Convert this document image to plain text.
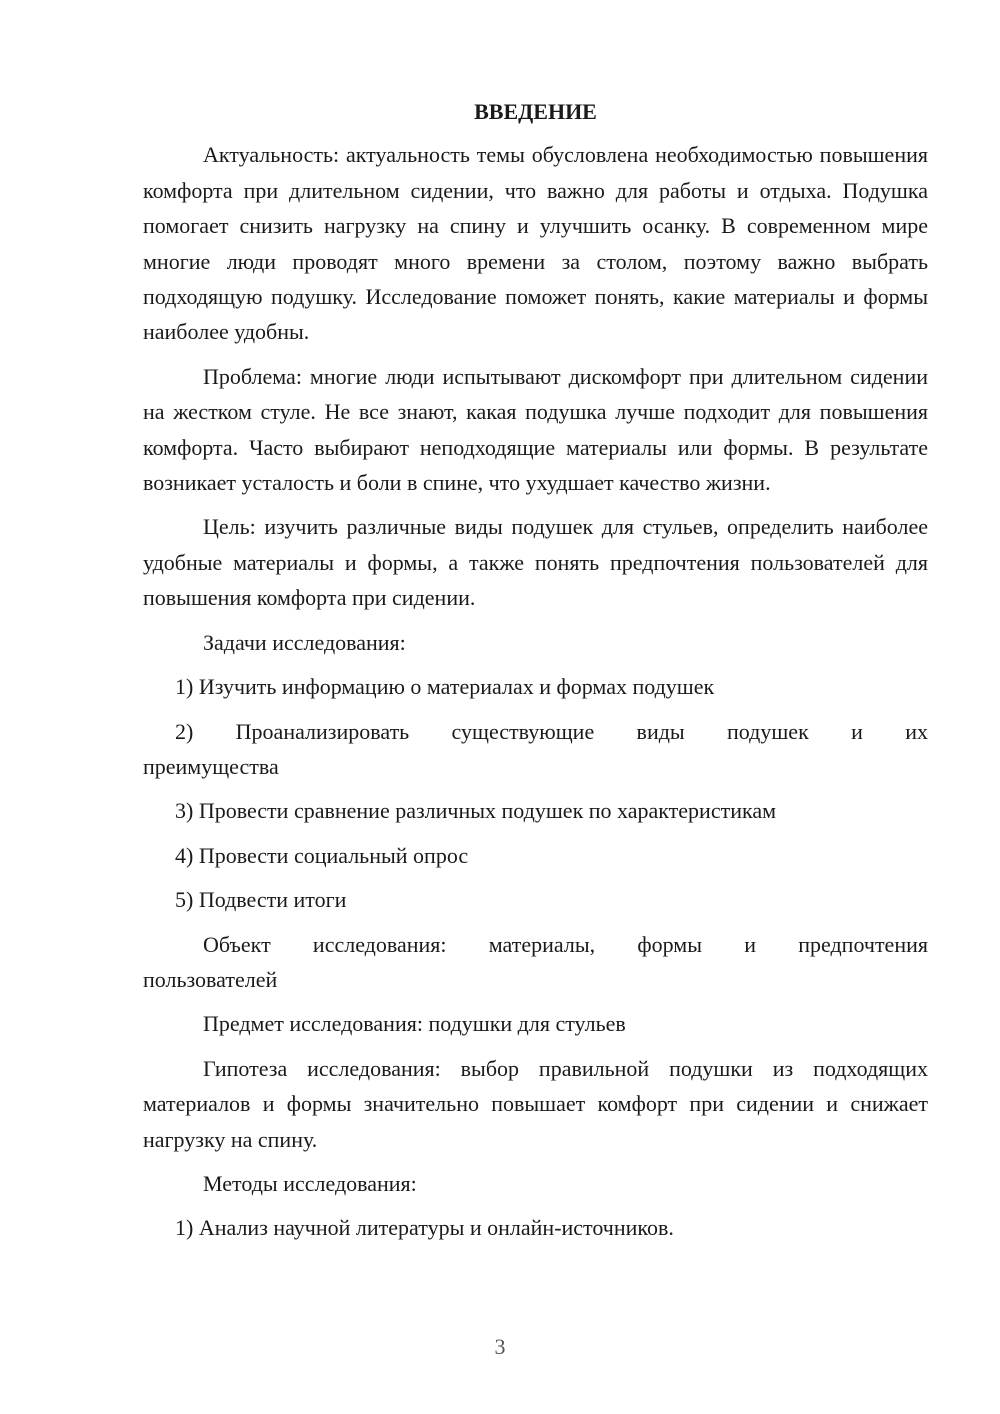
ВВЕДЕНИЕ

Актуальность: актуальность темы обусловлена необходимостью повышения комфорта при длительном сидении, что важно для работы и отдыха. Подушка помогает снизить нагрузку на спину и улучшить осанку. В современном мире многие люди проводят много времени за столом, поэтому важно выбрать подходящую подушку. Исследование поможет понять, какие материалы и формы наиболее удобны.

Проблема: многие люди испытывают дискомфорт при длительном сидении на жестком стуле. Не все знают, какая подушка лучше подходит для повышения комфорта. Часто выбирают неподходящие материалы или формы. В результате возникает усталость и боли в спине, что ухудшает качество жизни.

Цель: изучить различные виды подушек для стульев, определить наиболее удобные материалы и формы, а также понять предпочтения пользователей для повышения комфорта при сидении.

Задачи исследования:

1) Изучить информацию о материалах и формах подушек

2) Проанализировать существующие виды подушек и их

преимущества

3) Провести сравнение различных подушек по характеристикам

4) Провести социальный опрос

5) Подвести итоги

Объект исследования: материалы, формы и предпочтения

пользователей

Предмет исследования: подушки для стульев

Гипотеза исследования: выбор правильной подушки из подходящих материалов и формы значительно повышает комфорт при сидении и снижает нагрузку на спину.

Методы исследования:

1) Анализ научной литературы и онлайн-источников.

3
